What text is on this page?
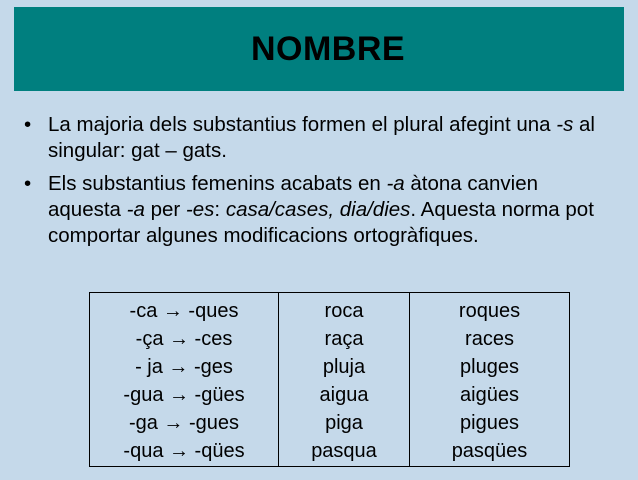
NOMBRE
• La majoria dels substantius formen el plural afegint una -s al singular: gat – gats.
• Els substantius femenins acabats en -a àtona canvien aquesta -a per -es: casa/cases, dia/dies. Aquesta norma pot comportar algunes modificacions ortogràfiques.
-ca → -ques
-ça → -ces
- ja → -ges
-gua → -gües
-ga → -gues
-qua → -qües
roca
raça
pluja
aigua
piga
pasqua
roques
races
pluges
aigües
pigues
pasqües
